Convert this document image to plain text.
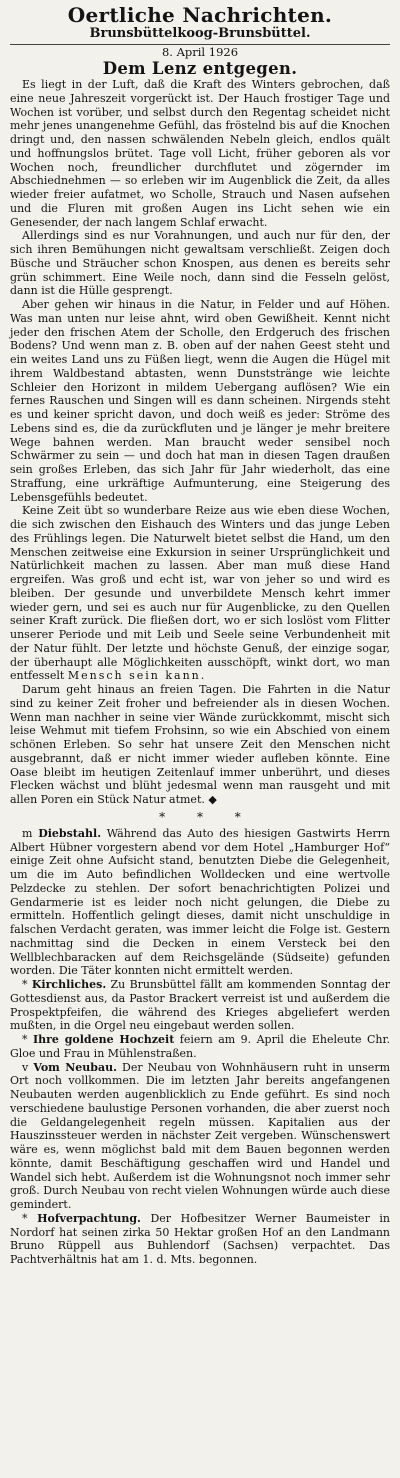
Oertliche Nachrichten.
Brunsbüttelkoog-Brunsbüttel.
8. April 1926
Dem Lenz entgegen.

Es liegt in der Luft, daß die Kraft des Winters gebrochen, daß eine neue Jahreszeit vorgerückt ist. Der Hauch frostiger Tage und Wochen ist vorüber, und selbst durch den Regentag scheidet nicht mehr jenes unangenehme Gefühl, das fröstelnd bis auf die Knochen dringt und, den nassen schwälenden Nebeln gleich, endlos quält und hoffnungslos brütet. Tage voll Licht, früher geboren als vor Wochen noch, freundlicher durchflutet und zögernder im Abschiednehmen — so erleben wir im Augenblick die Zeit, da alles wieder freier aufatmet, wo Scholle, Strauch und Nasen aufsehen und die Fluren mit großen Augen ins Licht sehen wie ein Genesender, der nach langem Schlaf erwacht.

Allerdings sind es nur Vorahnungen, und auch nur für den, der sich ihren Bemühungen nicht gewaltsam verschließt. Zeigen doch Büsche und Sträucher schon Knospen, aus denen es bereits sehr grün schimmert. Eine Weile noch, dann sind die Fesseln gelöst, dann ist die Hülle gesprengt.

Aber gehen wir hinaus in die Natur, in Felder und auf Höhen. Was man unten nur leise ahnt, wird oben Gewißheit. Kennt nicht jeder den frischen Atem der Scholle, den Erdgeruch des frischen Bodens? Und wenn man z. B. oben auf der nahen Geest steht und ein weites Land uns zu Füßen liegt, wenn die Augen die Hügel mit ihrem Waldbestand abtasten, wenn Dunststränge wie leichte Schleier den Horizont in mildem Uebergang auflösen? Wie ein fernes Rauschen und Singen will es dann scheinen. Nirgends steht es und keiner spricht davon, und doch weiß es jeder: Ströme des Lebens sind es, die da zurückfluten und je länger je mehr breitere Wege bahnen werden. Man braucht weder sensibel noch Schwärmer zu sein — und doch hat man in diesen Tagen draußen sein großes Erleben, das sich Jahr für Jahr wiederholt, das eine Straffung, eine urkräftige Aufmunterung, eine Steigerung des Lebensgefühls bedeutet.

Keine Zeit übt so wunderbare Reize aus wie eben diese Wochen, die sich zwischen den Eishauch des Winters und das junge Leben des Frühlings legen. Die Naturwelt bietet selbst die Hand, um den Menschen zeitweise eine Exkursion in seiner Ursprünglichkeit und Natürlichkeit machen zu lassen. Aber man muß diese Hand ergreifen. Was groß und echt ist, war von jeher so und wird es bleiben. Der gesunde und unverbildete Mensch kehrt immer wieder gern, und sei es auch nur für Augenblicke, zu den Quellen seiner Kraft zurück. Die fließen dort, wo er sich loslöst vom Flitter unserer Periode und mit Leib und Seele seine Verbundenheit mit der Natur fühlt. Der letzte und höchste Genuß, der einzige sogar, der überhaupt alle Möglichkeiten ausschöpft, winkt dort, wo man entfesselt Mensch sein kann.

Darum geht hinaus an freien Tagen. Die Fahrten in die Natur sind zu keiner Zeit froher und befreiender als in diesen Wochen. Wenn man nachher in seine vier Wände zurückkommt, mischt sich leise Wehmut mit tiefem Frohsinn, so wie ein Abschied von einem schönen Erleben. So sehr hat unsere Zeit den Menschen nicht ausgebrannt, daß er nicht immer wieder aufleben könnte. Eine Oase bleibt im heutigen Zeitenlauf immer unberührt, und dieses Flecken wächst und blüht jedesmal wenn man rausgeht und mit allen Poren ein Stück Natur atmet. ◆

* * *

m Diebstahl. Während das Auto des hiesigen Gastwirts Herrn Albert Hübner vorgestern abend vor dem Hotel „Hamburger Hof“ einige Zeit ohne Aufsicht stand, benutzten Diebe die Gelegenheit, um die im Auto befindlichen Wolldecken und eine wertvolle Pelzdecke zu stehlen. Der sofort benachrichtigten Polizei und Gendarmerie ist es leider noch nicht gelungen, die Diebe zu ermitteln. Hoffentlich gelingt dieses, damit nicht unschuldige in falschen Verdacht geraten, was immer leicht die Folge ist. Gestern nachmittag sind die Decken in einem Versteck bei den Wellblechbaracken auf dem Reichsgelände (Südseite) gefunden worden. Die Täter konnten nicht ermittelt werden.

* Kirchliches. Zu Brunsbüttel fällt am kommenden Sonntag der Gottesdienst aus, da Pastor Brackert verreist ist und außerdem die Prospektpfeifen, die während des Krieges abgeliefert werden mußten, in die Orgel neu eingebaut werden sollen.

* Ihre goldene Hochzeit feiern am 9. April die Eheleute Chr. Gloe und Frau in Mühlenstraßen.

v Vom Neubau. Der Neubau von Wohnhäusern ruht in unserm Ort noch vollkommen. Die im letzten Jahr bereits angefangenen Neubauten werden augenblicklich zu Ende geführt. Es sind noch verschiedene baulustige Personen vorhanden, die aber zuerst noch die Geldangelegenheit regeln müssen. Kapitalien aus der Hauszinssteuer werden in nächster Zeit vergeben. Wünschenswert wäre es, wenn möglichst bald mit dem Bauen begonnen werden könnte, damit Beschäftigung geschaffen wird und Handel und Wandel sich hebt. Außerdem ist die Wohnungsnot noch immer sehr groß. Durch Neubau von recht vielen Wohnungen würde auch diese gemindert.

* Hofverpachtung. Der Hofbesitzer Werner Baumeister in Nordorf hat seinen zirka 50 Hektar großen Hof an den Landmann Bruno Rüppell aus Buhlendorf (Sachsen) verpachtet. Das Pachtverhältnis hat am 1. d. Mts. begonnen.
